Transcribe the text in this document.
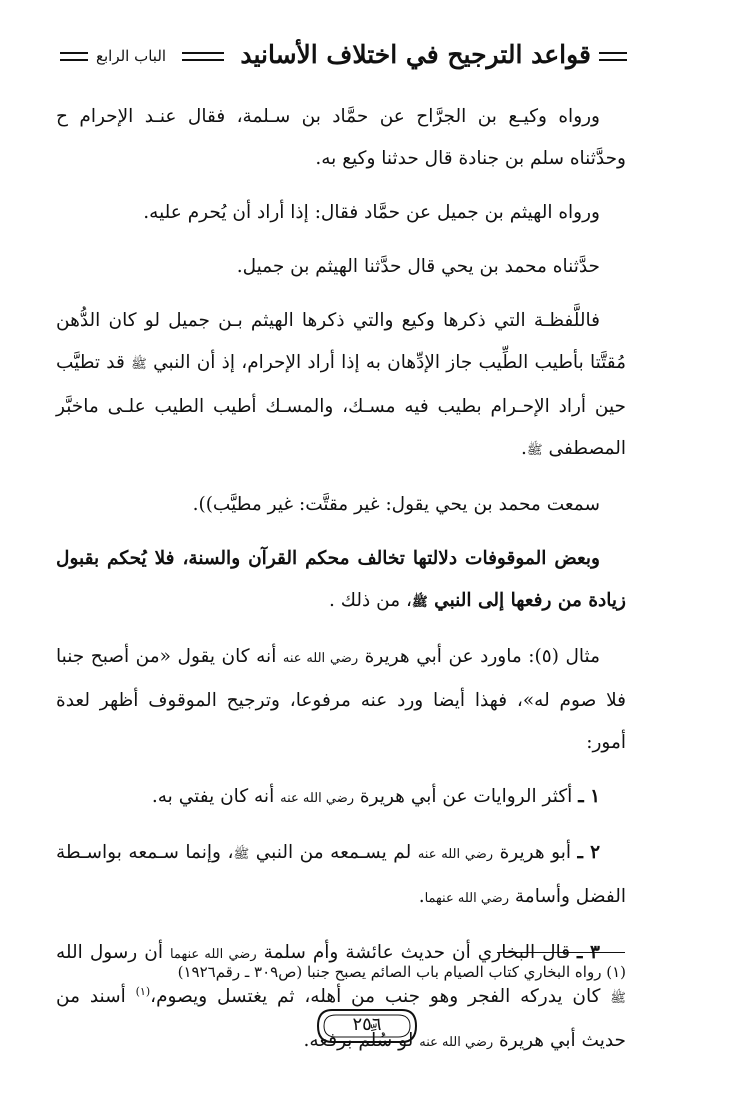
قواعد الترجيح في اختلاف الأسانيد
الباب الرابع

ورواه وكيـع بن الجرَّاح عن حمَّاد بن سـلمة، فقال عنـد الإحرام ح وحدَّثناه سلم بن جنادة قال حدثنا وكيع به.

ورواه الهيثم بن جميل عن حمَّاد فقال: إذا أراد أن يُحرم عليه.

حدَّثناه محمد بن يحي قال حدَّثنا الهيثم بن جميل.

فاللَّفظـة التي ذكرها وكيع والتي ذكرها الهيثم بـن جميل لو كان الدُّهن مُقتَّتا بأطيب الطِّيب جاز الإدِّهان به إذا أراد الإحرام، إذ أن النبي ﷺ قد تطيَّب حين أراد الإحـرام بطيب فيه مسـك، والمسـك أطيب الطيب علـى ماخبَّر المصطفى ﷺ.

سمعت محمد بن يحي يقول: غير مقتَّت: غير مطيَّب)).

وبعض الموقوفات دلالتها تخالف محكم القرآن والسنة، فلا يُحكم بقبول زيادة من رفعها إلى النبي ﷺ، من ذلك .

مثال (٥): ماورد عن أبي هريرة رضي الله عنه أنه كان يقول «من أصبح جنبا فلا صوم له»، فهذا أيضا ورد عنه مرفوعا، وترجيح الموقوف أظهر لعدة أمور:

١ ـ أكثر الروايات عن أبي هريرة رضي الله عنه أنه كان يفتي به.

٢ ـ أبو هريرة رضي الله عنه لم يسـمعه من النبي ﷺ، وإنما سـمعه بواسـطة الفضل وأسامة رضي الله عنهما.

٣ ـ قال البخاري أن حديث عائشة وأم سلمة رضي الله عنهما أن رسول الله ﷺ كان يدركه الفجر وهو جنب من أهله، ثم يغتسل ويصوم،$^{(١)}$ أسند من حديث أبي هريرة رضي الله عنه لو سُلِّم برفعه.

(١) رواه البخاري كتاب الصيام باب الصائم يصبح جنبا (ص٣٠٩ ـ رقم١٩٢٦)
٢٥٦
